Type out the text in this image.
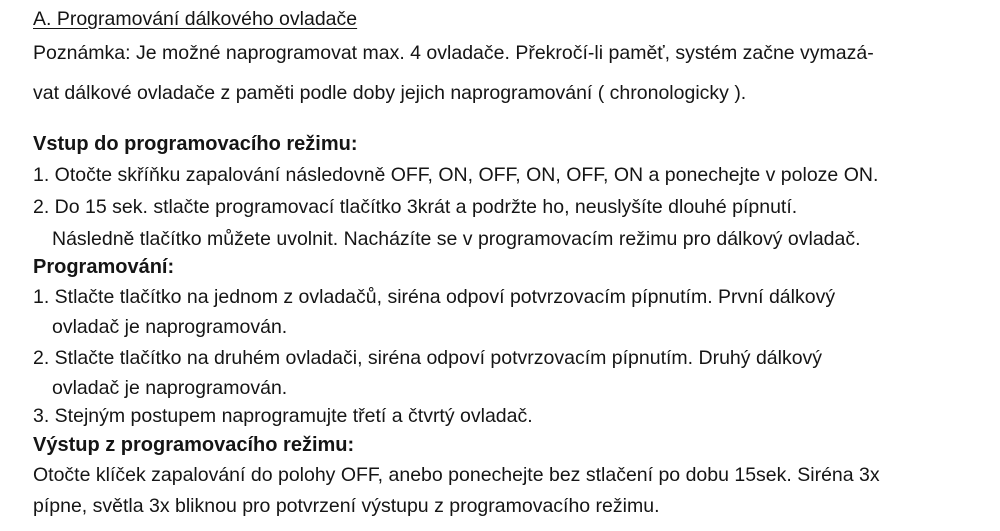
A. Programování dálkového ovladače
Poznámka: Je možné naprogramovat max. 4 ovladače. Překročí-li paměť, systém začne vymazá-
vat dálkové ovladače z paměti podle doby jejich naprogramování ( chronologicky ).
Vstup do programovacího režimu:
1. Otočte skříňku zapalování následovně OFF, ON, OFF, ON, OFF, ON a ponechejte v poloze ON.
2. Do 15 sek. stlačte programovací tlačítko 3krát a podržte ho, neuslyšíte dlouhé pípnutí.
Následně tlačítko můžete uvolnit. Nacházíte se v programovacím režimu pro dálkový ovladač.
Programování:
1. Stlačte tlačítko na jednom z ovladačů, siréna odpoví potvrzovacím pípnutím. První dálkový
ovladač je naprogramován.
2. Stlačte tlačítko na druhém ovladači, siréna odpoví potvrzovacím pípnutím. Druhý dálkový
ovladač je naprogramován.
3. Stejným postupem naprogramujte třetí a čtvrtý ovladač.
Výstup z programovacího režimu:
Otočte klíček zapalování do polohy OFF, anebo ponechejte bez stlačení po dobu 15sek. Siréna 3x
pípne, světla 3x bliknou pro potvrzení výstupu z programovacího režimu.
